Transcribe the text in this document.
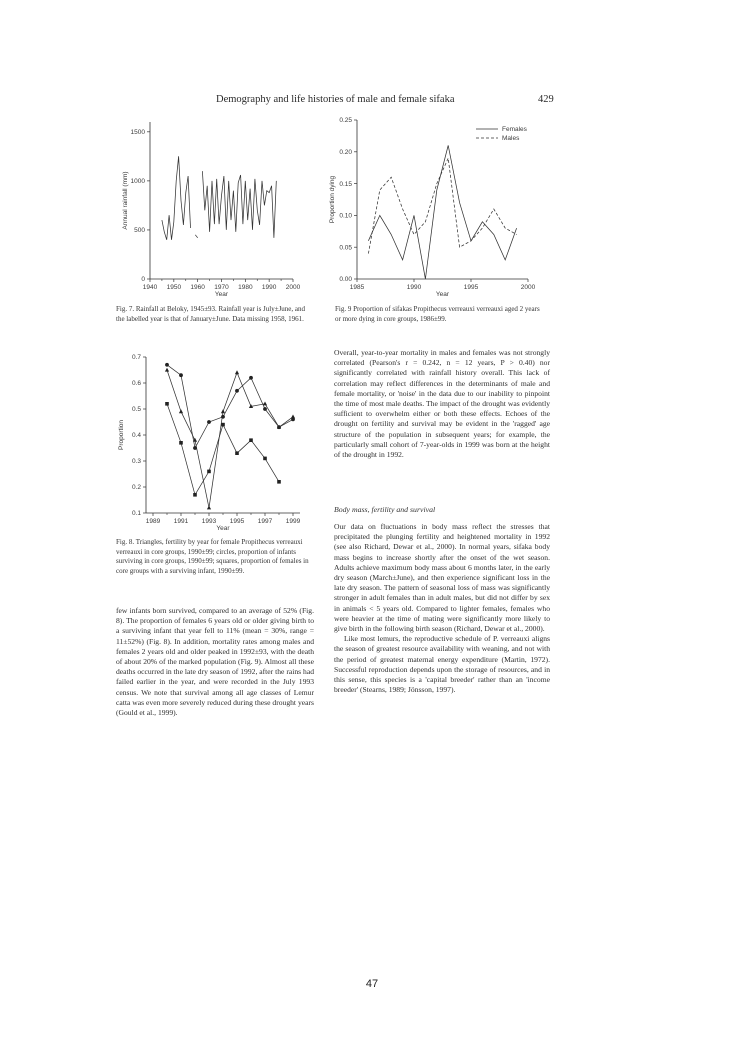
Demography and life histories of male and female sifaka	429
0
500
1000
1500
1940 1950 1960 1970 1980 1990 2000
Year
Annual rainfall (mm)
Fig. 7. Rainfall at Beloky, 1945±93. Rainfall year is July±June, and the labelled year is that of January±June. Data missing 1958, 1961.
0.00
0.05
0.10
0.15
0.20
0.25
1985	1990	1995	2000
Year
Proportion dying
Females
Males
Fig. 9 Proportion of sifakas Propithecus verreauxi verreauxi aged 2 years or more dying in core groups, 1986±99.
0.1
0.2
0.3
0.4
0.5
0.6
0.7
1989 1991 1993 1995 1997 1999
Year
Proportion
Fig. 8. Triangles, fertility by year for female Propithecus verreauxi verreauxi in core groups, 1990±99; circles, proportion of infants surviving in core groups, 1990±99; squares, proportion of females in core groups with a surviving infant, 1990±99.

few infants born survived, compared to an average of 52% (Fig. 8). The proportion of females 6 years old or older giving birth to a surviving infant that year fell to 11% (mean = 30%, range = 11±52%) (Fig. 8). In addition, mortality rates among males and females 2 years old and older peaked in 1992±93, with the death of about 20% of the marked population (Fig. 9). Almost all these deaths occurred in the late dry season of 1992, after the rains had failed earlier in the year, and were recorded in the July 1993 census. We note that survival among all age classes of Lemur catta was even more severely reduced during these drought years (Gould et al., 1999).

Overall, year-to-year mortality in males and females was not strongly correlated (Pearson's r = 0.242, n = 12 years, P > 0.40) nor significantly correlated with rainfall history overall. This lack of correlation may reflect differences in the determinants of male and female mortality, or 'noise' in the data due to our inability to pinpoint the time of most male deaths. The impact of the drought was evidently sufficient to overwhelm either or both these effects. Echoes of the drought on fertility and survival may be evident in the 'ragged' age structure of the population in subsequent years; for example, the particularly small cohort of 7-year-olds in 1999 was born at the height of the drought in 1992.

Body mass, fertility and survival

Our data on fluctuations in body mass reflect the stresses that precipitated the plunging fertility and heightened mortality in 1992 (see also Richard, Dewar et al., 2000). In normal years, sifaka body mass begins to increase shortly after the onset of the wet season. Adults achieve maximum body mass about 6 months later, in the early dry season (March±June), and then experience significant loss in the late dry season. The pattern of seasonal loss of mass was significantly stronger in adult females than in adult males, but did not differ by sex in animals < 5 years old. Compared to lighter females, females who were heavier at the time of mating were significantly more likely to give birth in the following birth season (Richard, Dewar et al., 2000).

Like most lemurs, the reproductive schedule of P. verreauxi aligns the season of greatest resource availability with weaning, and not with the period of greatest maternal energy expenditure (Martin, 1972). Successful reproduction depends upon the storage of resources, and in this sense, this species is a 'capital breeder' rather than an 'income breeder' (Stearns, 1989; Jönsson, 1997).

47
